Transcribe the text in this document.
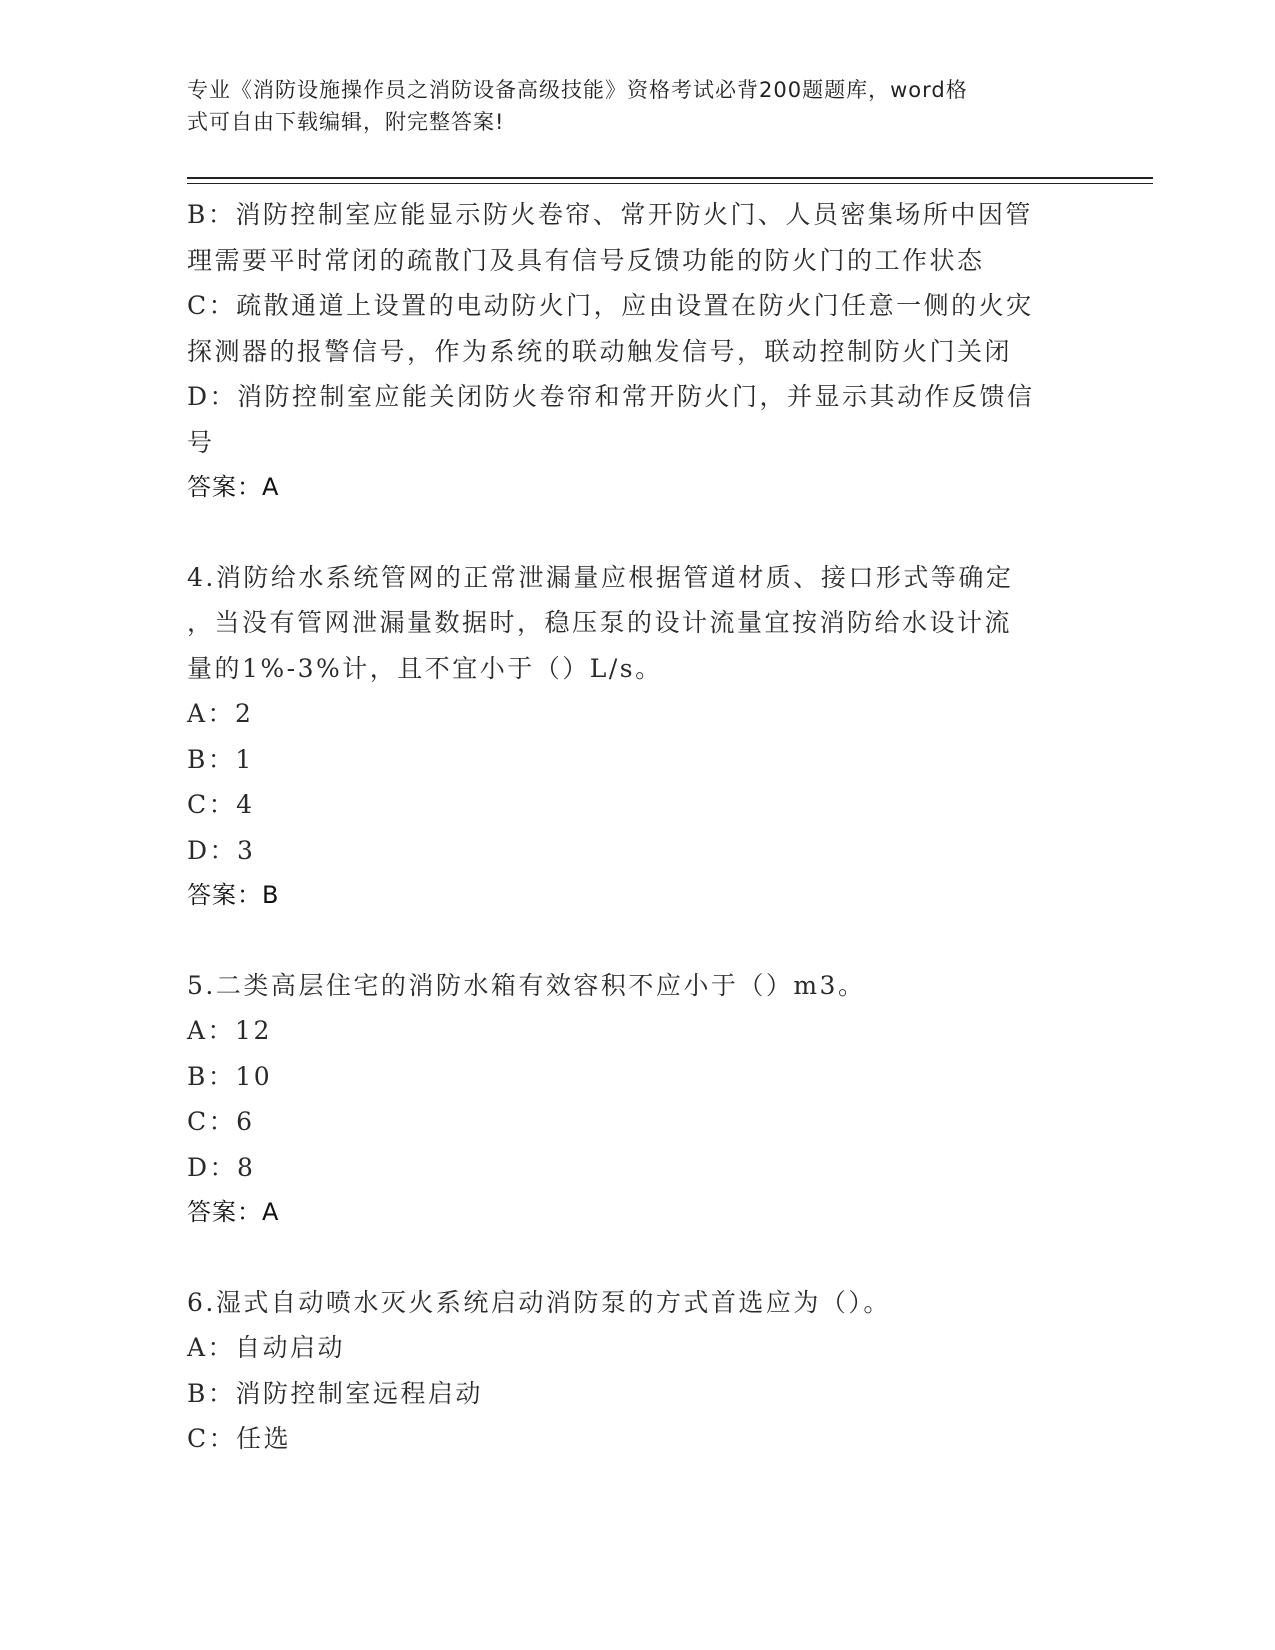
专业《消防设施操作员之消防设备高级技能》资格考试必背200题题库，word格
式可自由下载编辑，附完整答案!
B：消防控制室应能显示防火卷帘、常开防火门、人员密集场所中因管
理需要平时常闭的疏散门及具有信号反馈功能的防火门的工作状态
C：疏散通道上设置的电动防火门，应由设置在防火门任意一侧的火灾
探测器的报警信号，作为系统的联动触发信号，联动控制防火门关闭
D：消防控制室应能关闭防火卷帘和常开防火门，并显示其动作反馈信
号
答案：A
4.消防给水系统管网的正常泄漏量应根据管道材质、接口形式等确定
，当没有管网泄漏量数据时，稳压泵的设计流量宜按消防给水设计流
量的1%-3%计，且不宜小于（）L/s。
A：2
B：1
C：4
D：3
答案：B
5.二类高层住宅的消防水箱有效容积不应小于（）m3。
A：12
B：10
C：6
D：8
答案：A
6.湿式自动喷水灭火系统启动消防泵的方式首选应为（）。
A：自动启动
B：消防控制室远程启动
C：任选
